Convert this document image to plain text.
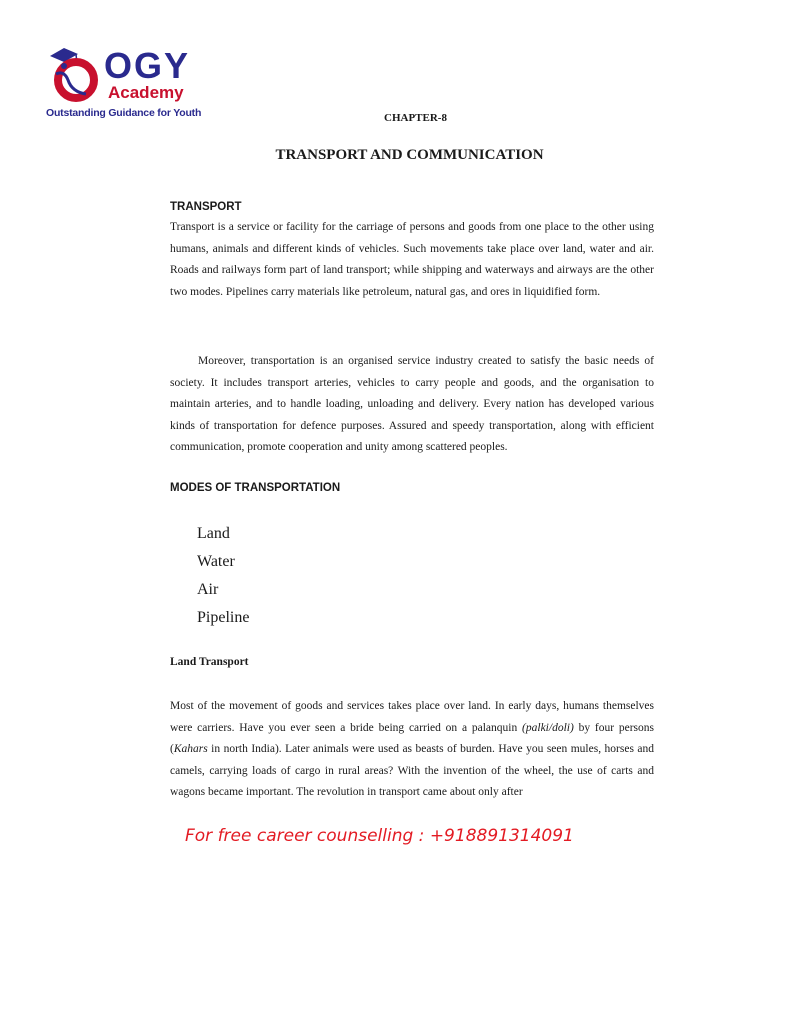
OGY
Academy
Outstanding Guidance for Youth	CHAPTER-8
TRANSPORT AND COMMUNICATION
TRANSPORT

Transport is a service or facility for the carriage of persons and goods from one place to the other using humans, animals and different kinds of vehicles. Such movements take place over land, water and air. Roads and railways form part of land transport; while shipping and waterways and airways are the other two modes. Pipelines carry materials like petroleum, natural gas, and ores in liquidified form.

Moreover, transportation is an organised service industry created to satisfy the basic needs of society. It includes transport arteries, vehicles to carry people and goods, and the organisation to maintain arteries, and to handle loading, unloading and delivery. Every nation has developed various kinds of transportation for defence purposes. Assured and speedy transportation, along with efficient communication, promote cooperation and unity among scattered peoples.

MODES OF TRANSPORTATION
Land
Water
Air
Pipeline
Land Transport

Most of the movement of goods and services takes place over land. In early days, humans themselves were carriers. Have you ever seen a bride being carried on a palanquin (palki/doli) by four persons (Kahars in north India). Later animals were used as beasts of burden. Have you seen mules, horses and camels, carrying loads of cargo in rural areas? With the invention of the wheel, the use of carts and wagons became important. The revolution in transport came about only after

For free career counselling : +918891314091
